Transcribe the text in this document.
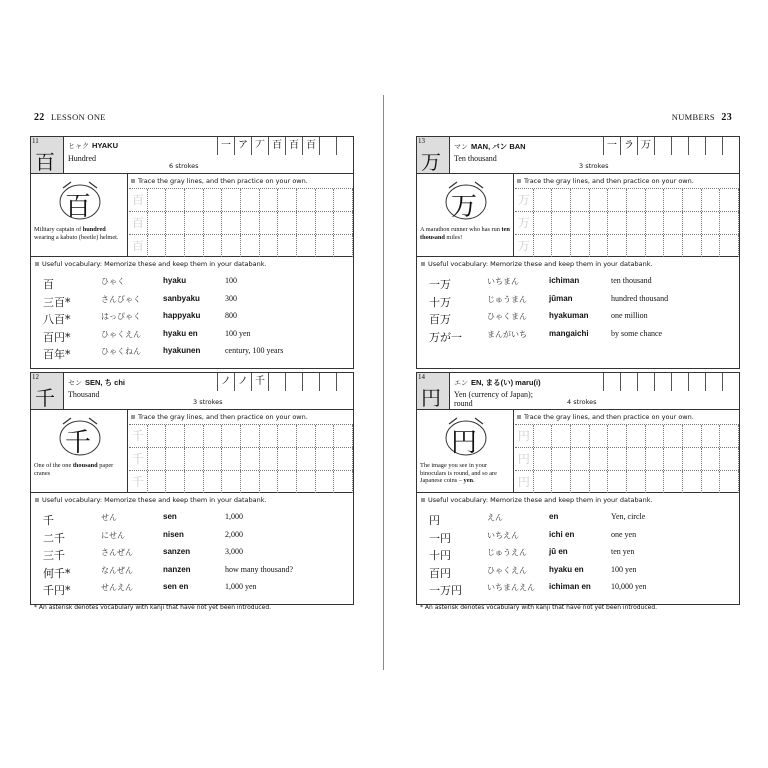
22 LESSON ONE
11
百
ヒャク HYAKU
Hundred
6 strokes
一 ア 丆 百 百 百
百
Military captain of hundred wearing a kabuto (beetle) helmet.
Trace the gray lines, and then practice on your own.
百
百
百
Useful vocabulary: Memorize these and keep them in your databank.
百	ひゃく	hyaku	100
三百*	さんびゃく	sanbyaku	300
八百*	はっぴゃく	happyaku	800
百円*	ひゃくえん	hyaku en	100 yen
百年*	ひゃくねん	hyakunen	century, 100 years
12
千
セン SEN, ち chi
Thousand
3 strokes
ノ ノ 千
千
One of the one thousand paper cranes
Trace the gray lines, and then practice on your own.
千
千
千
Useful vocabulary: Memorize these and keep them in your databank.
千	せん	sen	1,000
二千	にせん	nisen	2,000
三千	さんぜん	sanzen	3,000
何千*	なんぜん	nanzen	how many thousand?
千円*	せんえん	sen en	1,000 yen
* An asterisk denotes vocabulary with kanji that have not yet been introduced.
NUMBERS 23
13
万
マン MAN, バン BAN
Ten thousand
3 strokes
一 ラ 万
万
A marathon runner who has run ten thousand miles!
Trace the gray lines, and then practice on your own.
万
万
万
Useful vocabulary: Memorize these and keep them in your databank.
一万	いちまん	ichiman	ten thousand
十万	じゅうまん	jūman	hundred thousand
百万	ひゃくまん	hyakuman	one million
万が一	まんがいち	mangaichi	by some chance
14
円
エン EN, まる(い) maru(i)
Yen (currency of Japan); round	4 strokes
円
The image you see in your binoculars is round, and so are Japanese coins – yen.
Trace the gray lines, and then practice on your own.
円
円
円
Useful vocabulary: Memorize these and keep them in your databank.
円	えん	en	Yen, circle
一円	いちえん	ichi en	one yen
十円	じゅうえん	jū en	ten yen
百円	ひゃくえん	hyaku en	100 yen
一万円	いちまんえん ichiman en	10,000 yen
* An asterisk denotes vocabulary with kanji that have not yet been introduced.
